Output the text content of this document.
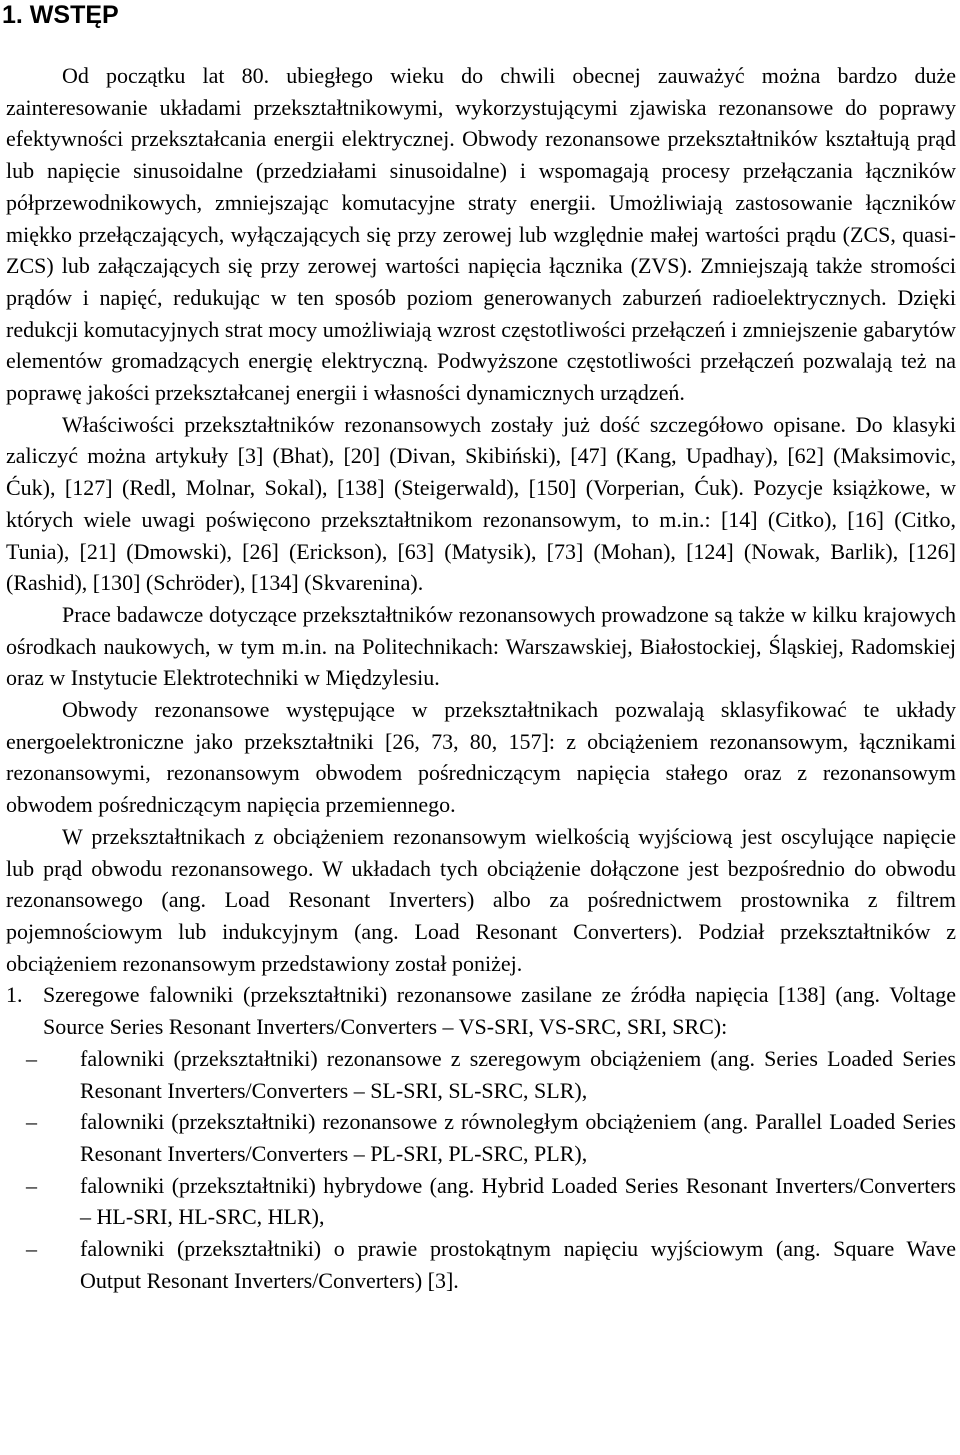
1. WSTĘP

Od początku lat 80. ubiegłego wieku do chwili obecnej zauważyć można bardzo duże zainteresowanie układami przekształtnikowymi, wykorzystującymi zjawiska rezonansowe do poprawy efektywności przekształcania energii elektrycznej. Obwody rezonansowe przekształtników kształtują prąd lub napięcie sinusoidalne (przedziałami sinusoidalne) i wspomagają procesy przełączania łączników półprzewodnikowych, zmniejszając komutacyjne straty energii. Umożliwiają zastosowanie łączników miękko przełączających, wyłączających się przy zerowej lub względnie małej wartości prądu (ZCS, quasi-ZCS) lub załączających się przy zerowej wartości napięcia łącznika (ZVS). Zmniejszają także stromości prądów i napięć, redukując w ten sposób poziom generowanych zaburzeń radioelektrycznych. Dzięki redukcji komutacyjnych strat mocy umożliwiają wzrost częstotliwości przełączeń i zmniejszenie gabarytów elementów gromadzących energię elektryczną. Podwyższone częstotliwości przełączeń pozwalają też na poprawę jakości przekształcanej energii i własności dynamicznych urządzeń.

Właściwości przekształtników rezonansowych zostały już dość szczegółowo opisane. Do klasyki zaliczyć można artykuły [3] (Bhat), [20] (Divan, Skibiński), [47] (Kang, Upadhay), [62] (Maksimovic, Ćuk), [127] (Redl, Molnar, Sokal), [138] (Steigerwald), [150] (Vorperian, Ćuk). Pozycje książkowe, w których wiele uwagi poświęcono przekształtnikom rezonansowym, to m.in.: [14] (Citko), [16] (Citko, Tunia), [21] (Dmowski), [26] (Erickson), [63] (Matysik), [73] (Mohan), [124] (Nowak, Barlik), [126] (Rashid), [130] (Schröder), [134] (Skvarenina).

Prace badawcze dotyczące przekształtników rezonansowych prowadzone są także w kilku krajowych ośrodkach naukowych, w tym m.in. na Politechnikach: Warszawskiej, Białostockiej, Śląskiej, Radomskiej oraz w Instytucie Elektrotechniki w Międzylesiu.

Obwody rezonansowe występujące w przekształtnikach pozwalają sklasyfikować te układy energoelektroniczne jako przekształtniki [26, 73, 80, 157]: z obciążeniem rezonansowym, łącznikami rezonansowymi, rezonansowym obwodem pośredniczącym napięcia stałego oraz z rezonansowym obwodem pośredniczącym napięcia przemiennego.

W przekształtnikach z obciążeniem rezonansowym wielkością wyjściową jest oscylujące napięcie lub prąd obwodu rezonansowego. W układach tych obciążenie dołączone jest bezpośrednio do obwodu rezonansowego (ang. Load Resonant Inverters) albo za pośrednictwem prostownika z filtrem pojemnościowym lub indukcyjnym (ang. Load Resonant Converters). Podział przekształtników z obciążeniem rezonansowym przedstawiony został poniżej.

1. Szeregowe falowniki (przekształtniki) rezonansowe zasilane ze źródła napięcia [138] (ang. Voltage Source Series Resonant Inverters/Converters – VS-SRI, VS-SRC, SRI, SRC):
– falowniki (przekształtniki) rezonansowe z szeregowym obciążeniem (ang. Series Loaded Series Resonant Inverters/Converters – SL-SRI, SL-SRC, SLR),
– falowniki (przekształtniki) rezonansowe z równoległym obciążeniem (ang. Parallel Loaded Series Resonant Inverters/Converters – PL-SRI, PL-SRC, PLR),
– falowniki (przekształtniki) hybrydowe (ang. Hybrid Loaded Series Resonant Inverters/Converters – HL-SRI, HL-SRC, HLR),
– falowniki (przekształtniki) o prawie prostokątnym napięciu wyjściowym (ang. Square Wave Output Resonant Inverters/Converters) [3].
